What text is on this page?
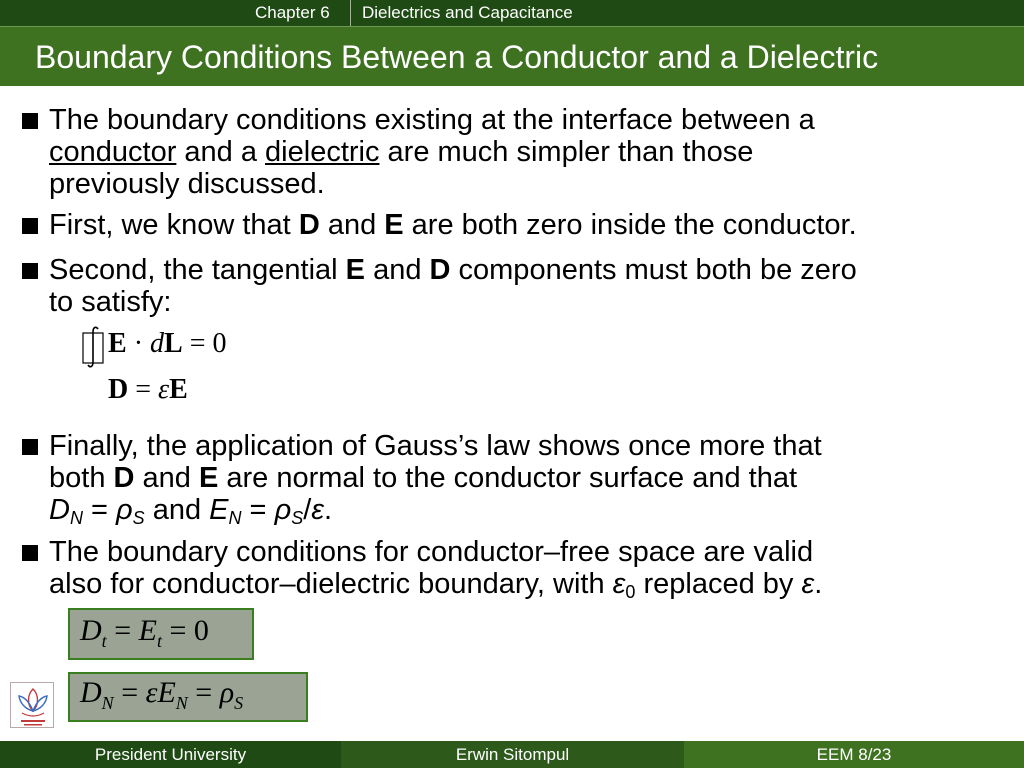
Chapter 6 Dielectrics and Capacitance
Boundary Conditions Between a Conductor and a Dielectric
The boundary conditions existing at the interface between a
conductor and a dielectric are much simpler than those
previously discussed.
First, we know that D and E are both zero inside the conductor.
Second, the tangential E and D components must both be zero
to satisfy:
E · dL = 0
D = εE
Finally, the application of Gauss’s law shows once more that
both D and E are normal to the conductor surface and that
$D_N = \rho_S$ and $E_N = \rho_S/\varepsilon$.
The boundary conditions for conductor–free space are valid
also for conductor–dielectric boundary, with $\varepsilon_0$ replaced by ε.
$D_t = E_t = 0$
$D_N = \varepsilon E_N = \rho_S$
President University	Erwin Sitompul	EEM 8/23
